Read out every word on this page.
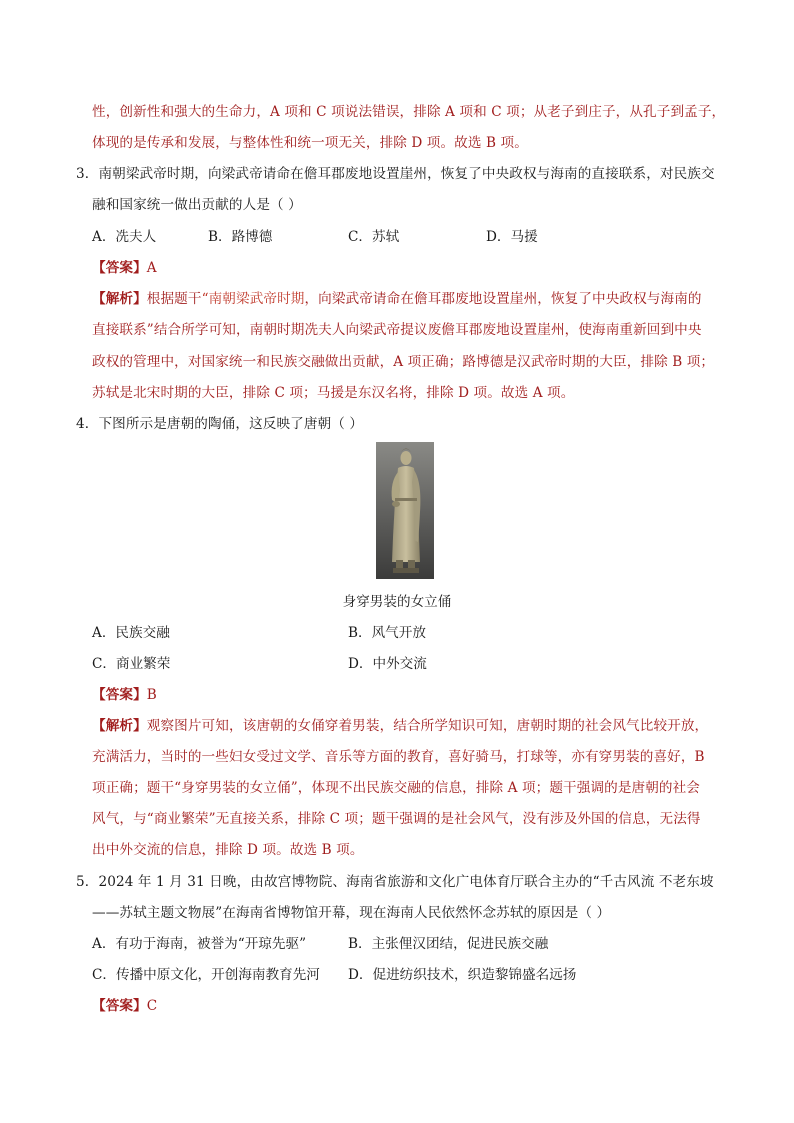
性，创新性和强大的生命力，A 项和 C 项说法错误，排除 A 项和 C 项；从老子到庄子，从孔子到孟子，
体现的是传承和发展，与整体性和统一项无关，排除 D 项。故选 B 项。
3．南朝梁武帝时期，向梁武帝请命在儋耳郡废地设置崖州，恢复了中央政权与海南的直接联系，对民族交
融和国家统一做出贡献的人是（ ）
A．冼夫人	B．路博德	C．苏轼	D．马援
【答案】A
【解析】根据题干“南朝梁武帝时期，向梁武帝请命在儋耳郡废地设置崖州，恢复了中央政权与海南的
直接联系”结合所学可知，南朝时期冼夫人向梁武帝提议废儋耳郡废地设置崖州，使海南重新回到中央
政权的管理中，对国家统一和民族交融做出贡献，A 项正确；路博德是汉武帝时期的大臣，排除 B 项；
苏轼是北宋时期的大臣，排除 C 项；马援是东汉名将，排除 D 项。故选 A 项。
4．下图所示是唐朝的陶俑，这反映了唐朝（ ）
身穿男装的女立俑
A．民族交融	B．风气开放
C．商业繁荣	D．中外交流
【答案】B
【解析】观察图片可知，该唐朝的女俑穿着男装，结合所学知识可知，唐朝时期的社会风气比较开放，
充满活力，当时的一些妇女受过文学、音乐等方面的教育，喜好骑马，打球等，亦有穿男装的喜好，B
项正确；题干“身穿男装的女立俑”，体现不出民族交融的信息，排除 A 项；题干强调的是唐朝的社会
风气，与“商业繁荣”无直接关系，排除 C 项；题干强调的是社会风气，没有涉及外国的信息，无法得
出中外交流的信息，排除 D 项。故选 B 项。
5．2024 年 1 月 31 日晚，由故宫博物院、海南省旅游和文化广电体育厅联合主办的“千古风流 不老东坡
——苏轼主题文物展”在海南省博物馆开幕，现在海南人民依然怀念苏轼的原因是（ ）
A．有功于海南，被誉为“开琼先驱”	B．主张俚汉团结，促进民族交融
C．传播中原文化，开创海南教育先河 D．促进纺织技术，织造黎锦盛名远扬
【答案】C
